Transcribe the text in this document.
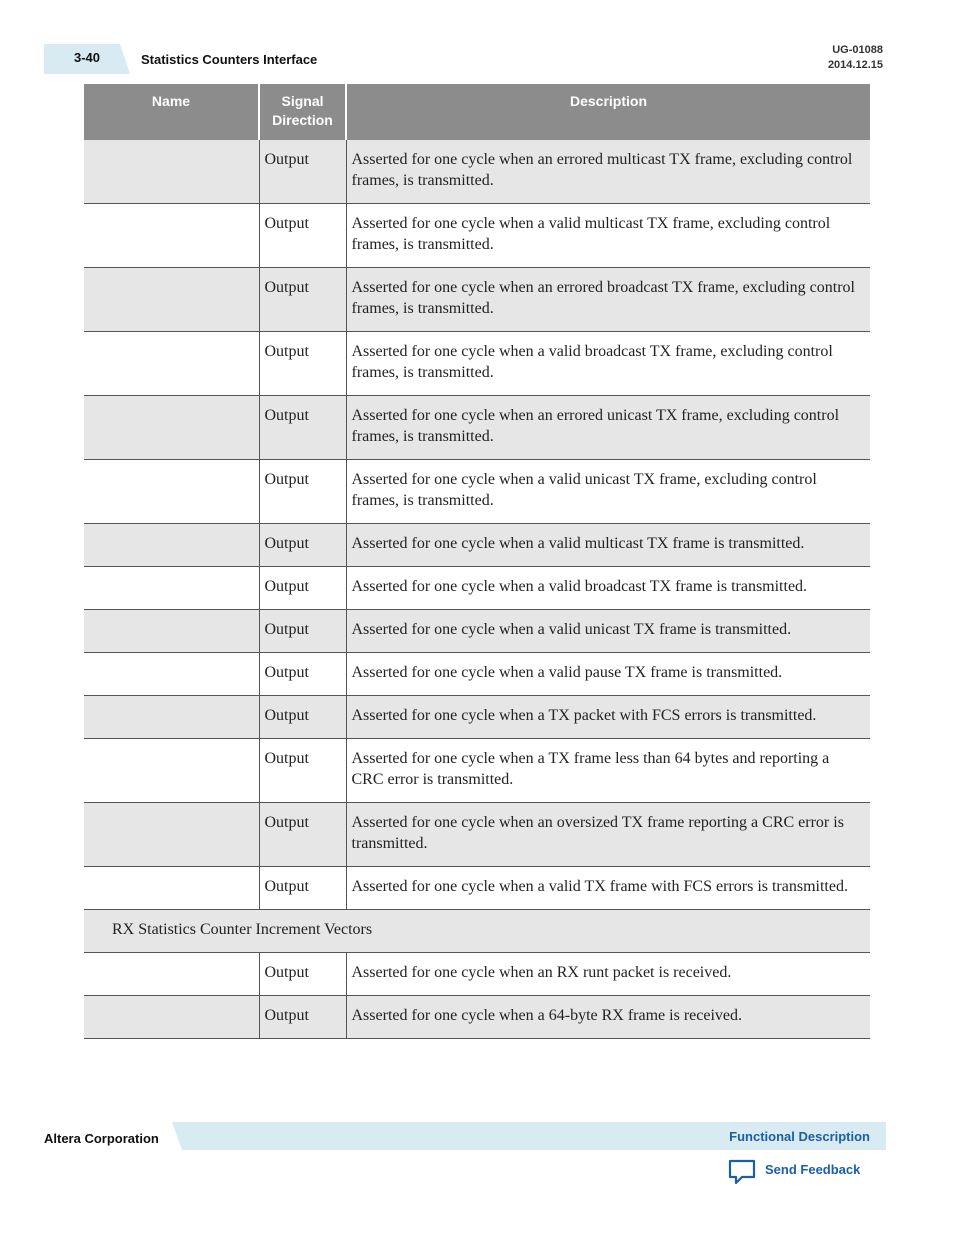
3-40	Statistics Counters Interface
UG-01088
2014.12.15
Name	Signal Direction	Description
	Output	Asserted for one cycle when an errored multicast TX frame, excluding control frames, is transmitted.
	Output	Asserted for one cycle when a valid multicast TX frame, excluding control frames, is transmitted.
	Output	Asserted for one cycle when an errored broadcast TX frame, excluding control frames, is transmitted.
	Output	Asserted for one cycle when a valid broadcast TX frame, excluding control frames, is transmitted.
	Output	Asserted for one cycle when an errored unicast TX frame, excluding control frames, is transmitted.
	Output	Asserted for one cycle when a valid unicast TX frame, excluding control frames, is transmitted.
	Output	Asserted for one cycle when a valid multicast TX frame is transmitted.
	Output	Asserted for one cycle when a valid broadcast TX frame is transmitted.
	Output	Asserted for one cycle when a valid unicast TX frame is transmitted.
	Output	Asserted for one cycle when a valid pause TX frame is transmitted.
	Output	Asserted for one cycle when a TX packet with FCS errors is transmitted.
	Output	Asserted for one cycle when a TX frame less than 64 bytes and reporting a CRC error is transmitted.
	Output	Asserted for one cycle when an oversized TX frame reporting a CRC error is transmitted.
	Output	Asserted for one cycle when a valid TX frame with FCS errors is transmitted.
RX Statistics Counter Increment Vectors		
	Output	Asserted for one cycle when an RX runt packet is received.
	Output	Asserted for one cycle when a 64-byte RX frame is received.
Altera Corporation	Functional Description
Send Feedback
